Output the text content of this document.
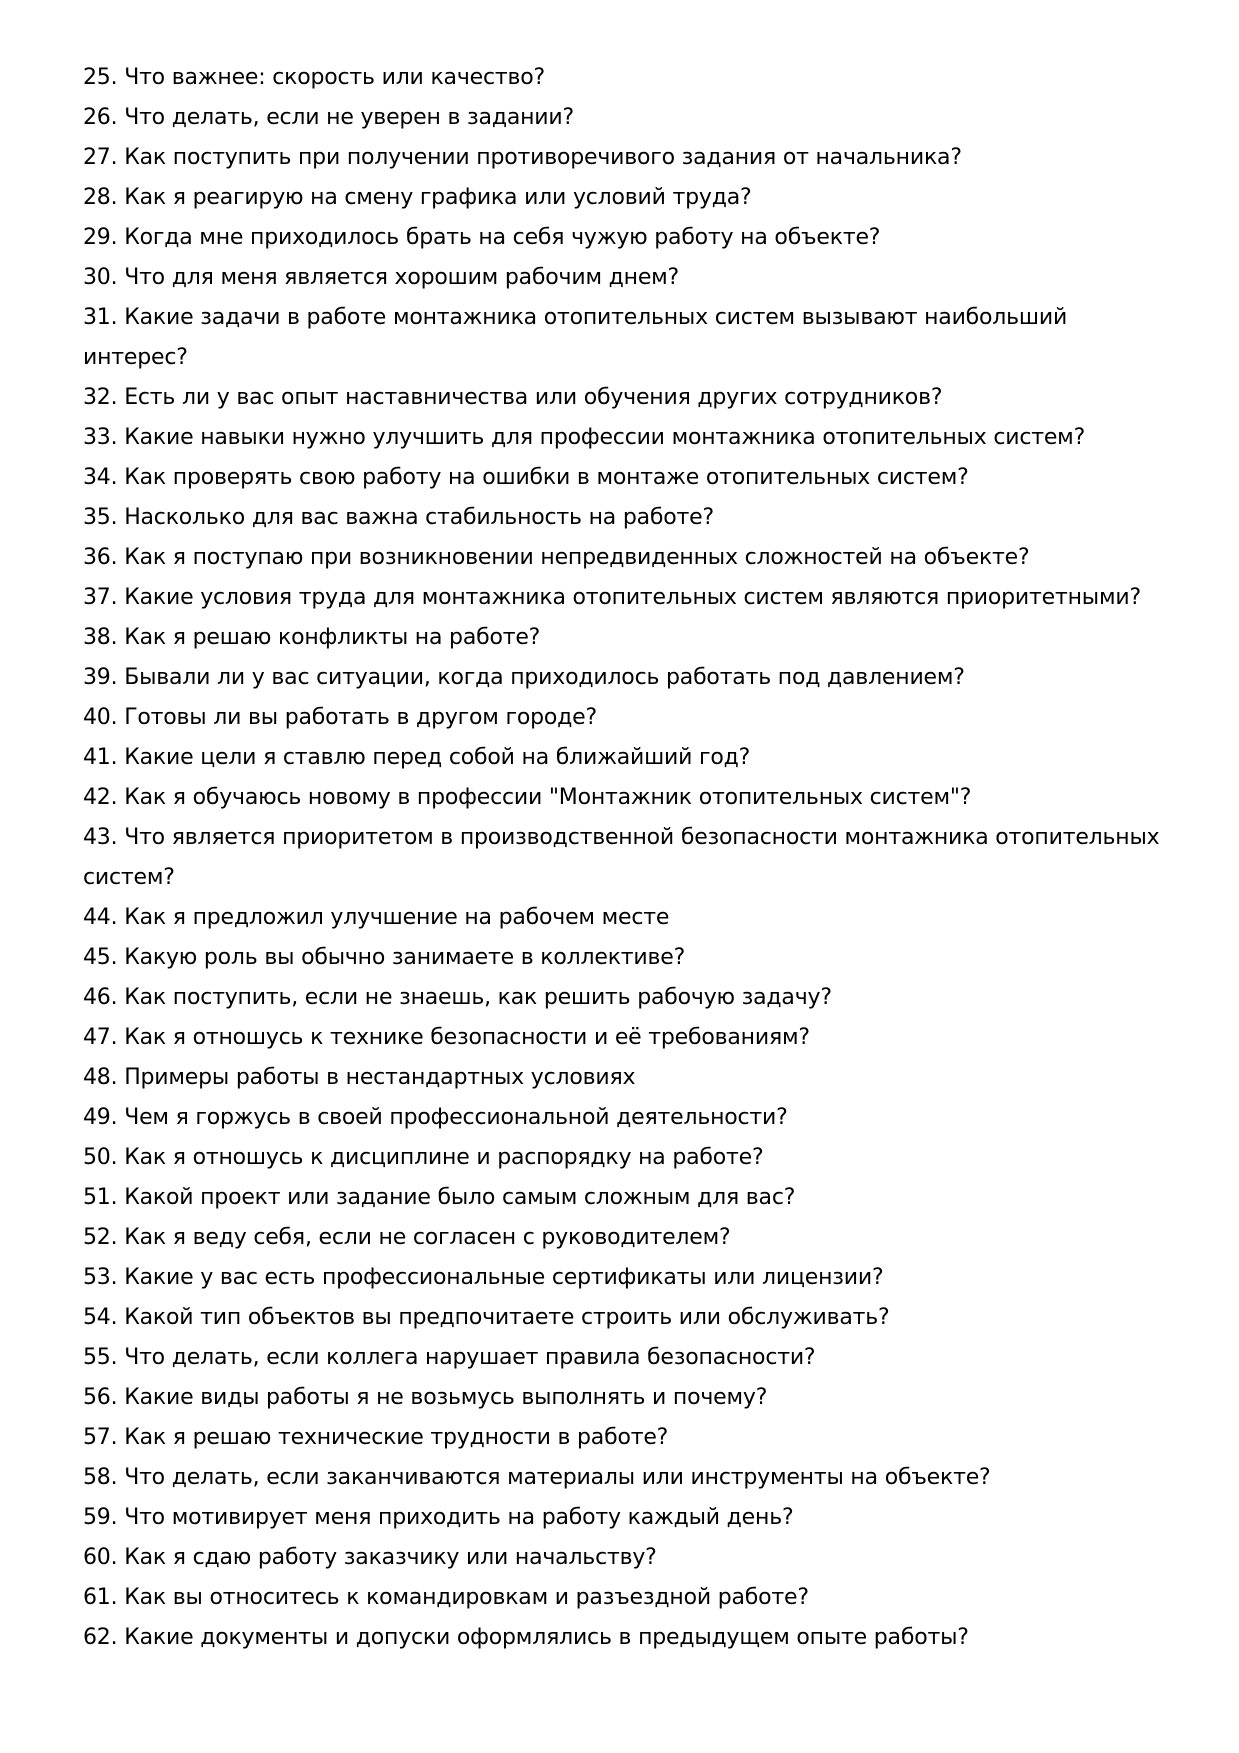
25. Что важнее: скорость или качество?
26. Что делать, если не уверен в задании?
27. Как поступить при получении противоречивого задания от начальника?
28. Как я реагирую на смену графика или условий труда?
29. Когда мне приходилось брать на себя чужую работу на объекте?
30. Что для меня является хорошим рабочим днем?
31. Какие задачи в работе монтажника отопительных систем вызывают наибольший интерес?
32. Есть ли у вас опыт наставничества или обучения других сотрудников?
33. Какие навыки нужно улучшить для профессии монтажника отопительных систем?
34. Как проверять свою работу на ошибки в монтаже отопительных систем?
35. Насколько для вас важна стабильность на работе?
36. Как я поступаю при возникновении непредвиденных сложностей на объекте?
37. Какие условия труда для монтажника отопительных систем являются приоритетными?
38. Как я решаю конфликты на работе?
39. Бывали ли у вас ситуации, когда приходилось работать под давлением?
40. Готовы ли вы работать в другом городе?
41. Какие цели я ставлю перед собой на ближайший год?
42. Как я обучаюсь новому в профессии "Монтажник отопительных систем"?
43. Что является приоритетом в производственной безопасности монтажника отопительных систем?
44. Как я предложил улучшение на рабочем месте
45. Какую роль вы обычно занимаете в коллективе?
46. Как поступить, если не знаешь, как решить рабочую задачу?
47. Как я отношусь к технике безопасности и её требованиям?
48. Примеры работы в нестандартных условиях
49. Чем я горжусь в своей профессиональной деятельности?
50. Как я отношусь к дисциплине и распорядку на работе?
51. Какой проект или задание было самым сложным для вас?
52. Как я веду себя, если не согласен с руководителем?
53. Какие у вас есть профессиональные сертификаты или лицензии?
54. Какой тип объектов вы предпочитаете строить или обслуживать?
55. Что делать, если коллега нарушает правила безопасности?
56. Какие виды работы я не возьмусь выполнять и почему?
57. Как я решаю технические трудности в работе?
58. Что делать, если заканчиваются материалы или инструменты на объекте?
59. Что мотивирует меня приходить на работу каждый день?
60. Как я сдаю работу заказчику или начальству?
61. Как вы относитесь к командировкам и разъездной работе?
62. Какие документы и допуски оформлялись в предыдущем опыте работы?
